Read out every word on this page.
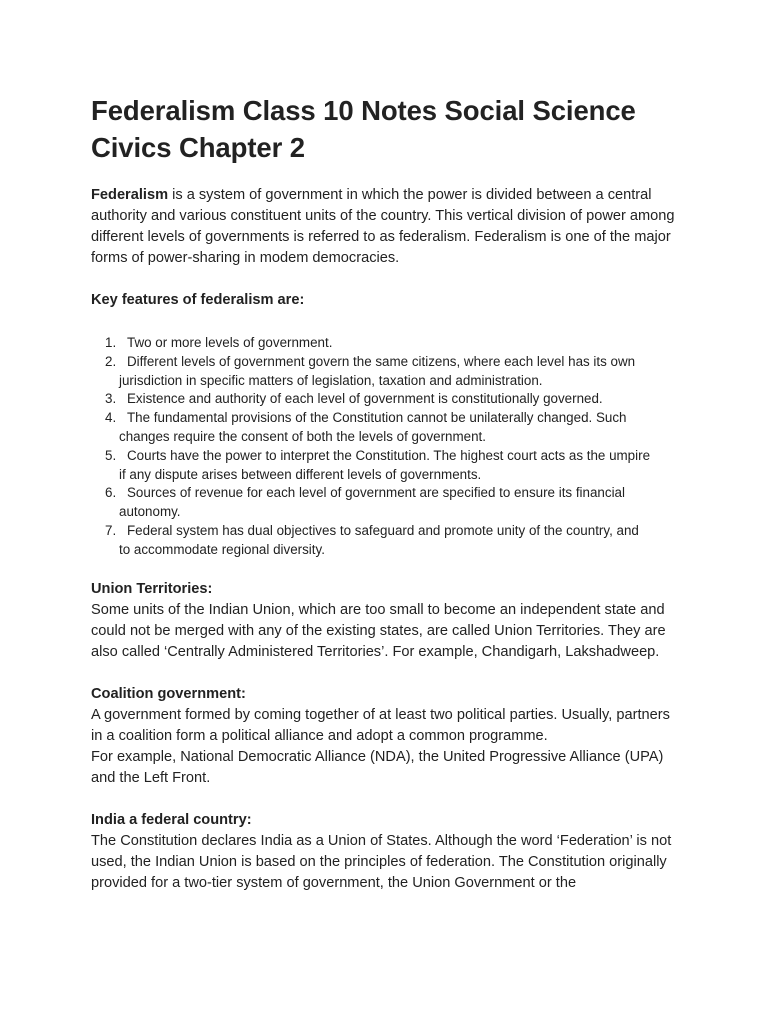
Federalism Class 10 Notes Social Science Civics Chapter 2

Federalism is a system of government in which the power is divided between a central authority and various constituent units of the country. This vertical division of power among different levels of governments is referred to as federalism. Federalism is one of the major forms of power-sharing in modem democracies.

Key features of federalism are:

1. Two or more levels of government.
2. Different levels of government govern the same citizens, where each level has its own
jurisdiction in specific matters of legislation, taxation and administration.
3. Existence and authority of each level of government is constitutionally governed.
4. The fundamental provisions of the Constitution cannot be unilaterally changed. Such
changes require the consent of both the levels of government.
5. Courts have the power to interpret the Constitution. The highest court acts as the umpire
if any dispute arises between different levels of governments.
6. Sources of revenue for each level of government are specified to ensure its financial
autonomy.
7. Federal system has dual objectives to safeguard and promote unity of the country, and
to accommodate regional diversity.

Union Territories:

Some units of the Indian Union, which are too small to become an independent state and could not be merged with any of the existing states, are called Union Territories. They are also called ‘Centrally Administered Territories’. For example, Chandigarh, Lakshadweep.

Coalition government:

A government formed by coming together of at least two political parties. Usually, partners in a coalition form a political alliance and adopt a common programme.

For example, National Democratic Alliance (NDA), the United Progressive Alliance (UPA) and the Left Front.

India a federal country:

The Constitution declares India as a Union of States. Although the word ‘Federation’ is not used, the Indian Union is based on the principles of federation. The Constitution originally provided for a two-tier system of government, the Union Government or the
